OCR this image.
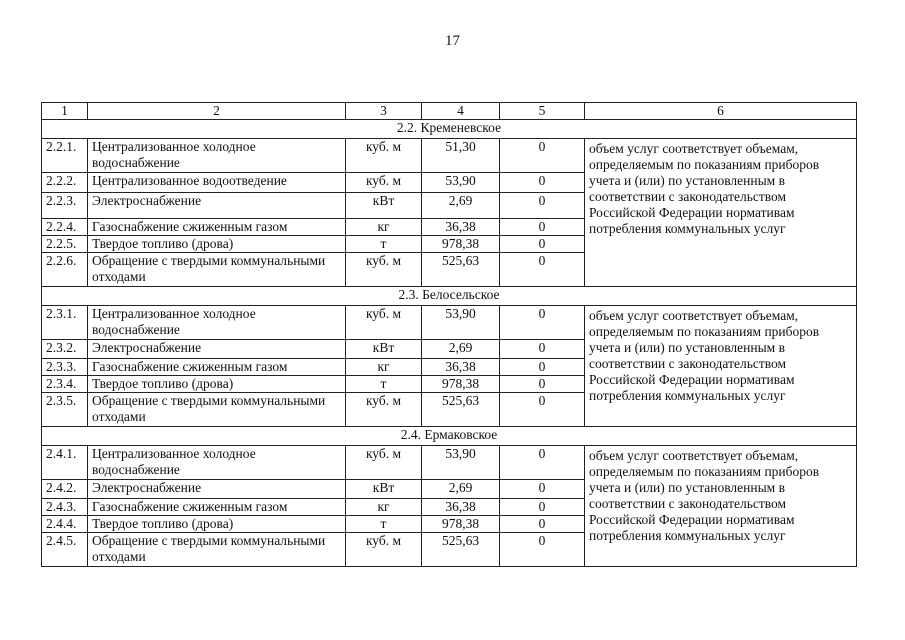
17
1	2	3	4	5	6
2.2. Кременевское					
2.2.1.	Централизованное холодное водоснабжение	куб. м	51,30	0	объем услуг соответствует объемам, определяемым по показаниям приборов учета и (или) по установленным в соответствии с законодательством Российской Федерации нормативам потребления коммунальных услуг
2.2.2.	Централизованное водоотведение	куб. м	53,90	0	
2.2.3.	Электроснабжение	кВт	2,69	0	
2.2.4.	Газоснабжение сжиженным газом	кг	36,38	0	
2.2.5.	Твердое топливо (дрова)	т	978,38	0	
2.2.6.	Обращение с твердыми коммунальными отходами	куб. м	525,63	0	
2.3. Белосельское					
2.3.1.	Централизованное холодное водоснабжение	куб. м	53,90	0	объем услуг соответствует объемам, определяемым по показаниям приборов учета и (или) по установленным в соответствии с законодательством Российской Федерации нормативам потребления коммунальных услуг
2.3.2.	Электроснабжение	кВт	2,69	0	
2.3.3.	Газоснабжение сжиженным газом	кг	36,38	0	
2.3.4.	Твердое топливо (дрова)	т	978,38	0	
2.3.5.	Обращение с твердыми коммунальными отходами	куб. м	525,63	0	
2.4. Ермаковское					
2.4.1.	Централизованное холодное водоснабжение	куб. м	53,90	0	объем услуг соответствует объемам, определяемым по показаниям приборов учета и (или) по установленным в соответствии с законодательством Российской Федерации нормативам потребления коммунальных услуг
2.4.2.	Электроснабжение	кВт	2,69	0	
2.4.3.	Газоснабжение сжиженным газом	кг	36,38	0	
2.4.4.	Твердое топливо (дрова)	т	978,38	0	
2.4.5.	Обращение с твердыми коммунальными отходами	куб. м	525,63	0	
